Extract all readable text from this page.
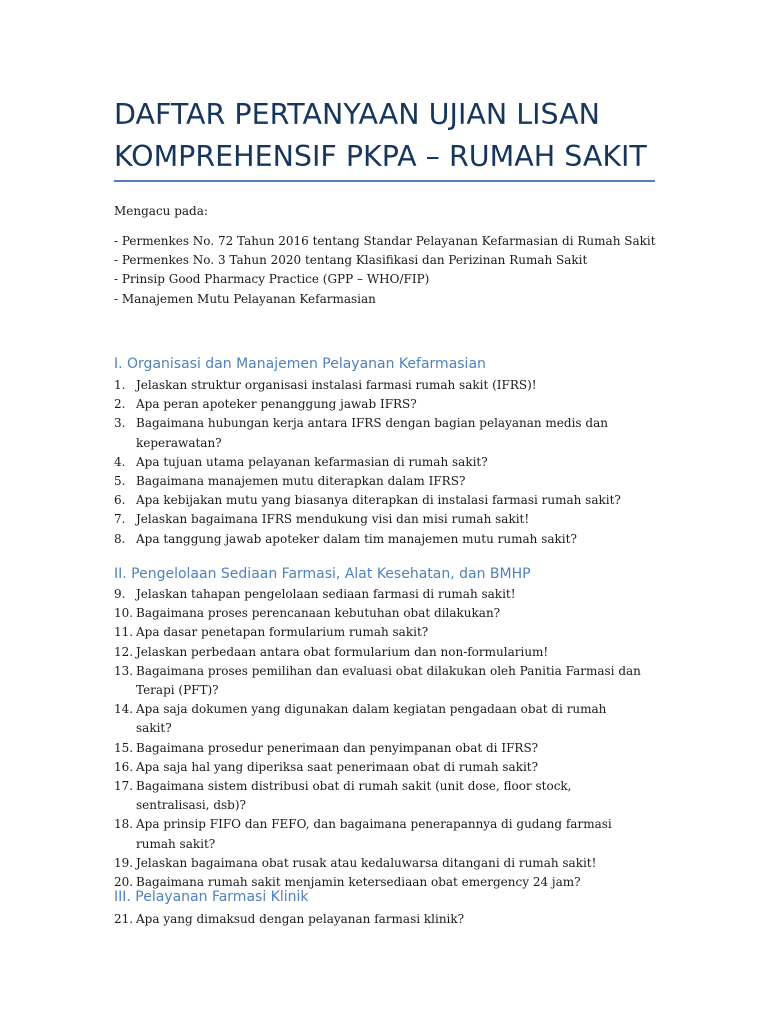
DAFTAR PERTANYAAN UJIAN LISAN KOMPREHENSIF PKPA – RUMAH SAKIT

Mengacu pada:

- Permenkes No. 72 Tahun 2016 tentang Standar Pelayanan Kefarmasian di Rumah Sakit
- Permenkes No. 3 Tahun 2020 tentang Klasifikasi dan Perizinan Rumah Sakit
- Prinsip Good Pharmacy Practice (GPP – WHO/FIP)
- Manajemen Mutu Pelayanan Kefarmasian
I. Organisasi dan Manajemen Pelayanan Kefarmasian
1. Jelaskan struktur organisasi instalasi farmasi rumah sakit (IFRS)!
2. Apa peran apoteker penanggung jawab IFRS?
3. Bagaimana hubungan kerja antara IFRS dengan bagian pelayanan medis dan keperawatan?
4. Apa tujuan utama pelayanan kefarmasian di rumah sakit?
5. Bagaimana manajemen mutu diterapkan dalam IFRS?
6. Apa kebijakan mutu yang biasanya diterapkan di instalasi farmasi rumah sakit?
7. Jelaskan bagaimana IFRS mendukung visi dan misi rumah sakit!
8. Apa tanggung jawab apoteker dalam tim manajemen mutu rumah sakit?
II. Pengelolaan Sediaan Farmasi, Alat Kesehatan, dan BMHP
9. Jelaskan tahapan pengelolaan sediaan farmasi di rumah sakit!
10. Bagaimana proses perencanaan kebutuhan obat dilakukan?
11. Apa dasar penetapan formularium rumah sakit?
12. Jelaskan perbedaan antara obat formularium dan non-formularium!
13. Bagaimana proses pemilihan dan evaluasi obat dilakukan oleh Panitia Farmasi dan Terapi (PFT)?
14. Apa saja dokumen yang digunakan dalam kegiatan pengadaan obat di rumah sakit?
15. Bagaimana prosedur penerimaan dan penyimpanan obat di IFRS?
16. Apa saja hal yang diperiksa saat penerimaan obat di rumah sakit?
17. Bagaimana sistem distribusi obat di rumah sakit (unit dose, floor stock, sentralisasi, dsb)?
18. Apa prinsip FIFO dan FEFO, dan bagaimana penerapannya di gudang farmasi rumah sakit?
19. Jelaskan bagaimana obat rusak atau kedaluwarsa ditangani di rumah sakit!
20. Bagaimana rumah sakit menjamin ketersediaan obat emergency 24 jam?
III. Pelayanan Farmasi Klinik
21. Apa yang dimaksud dengan pelayanan farmasi klinik?
